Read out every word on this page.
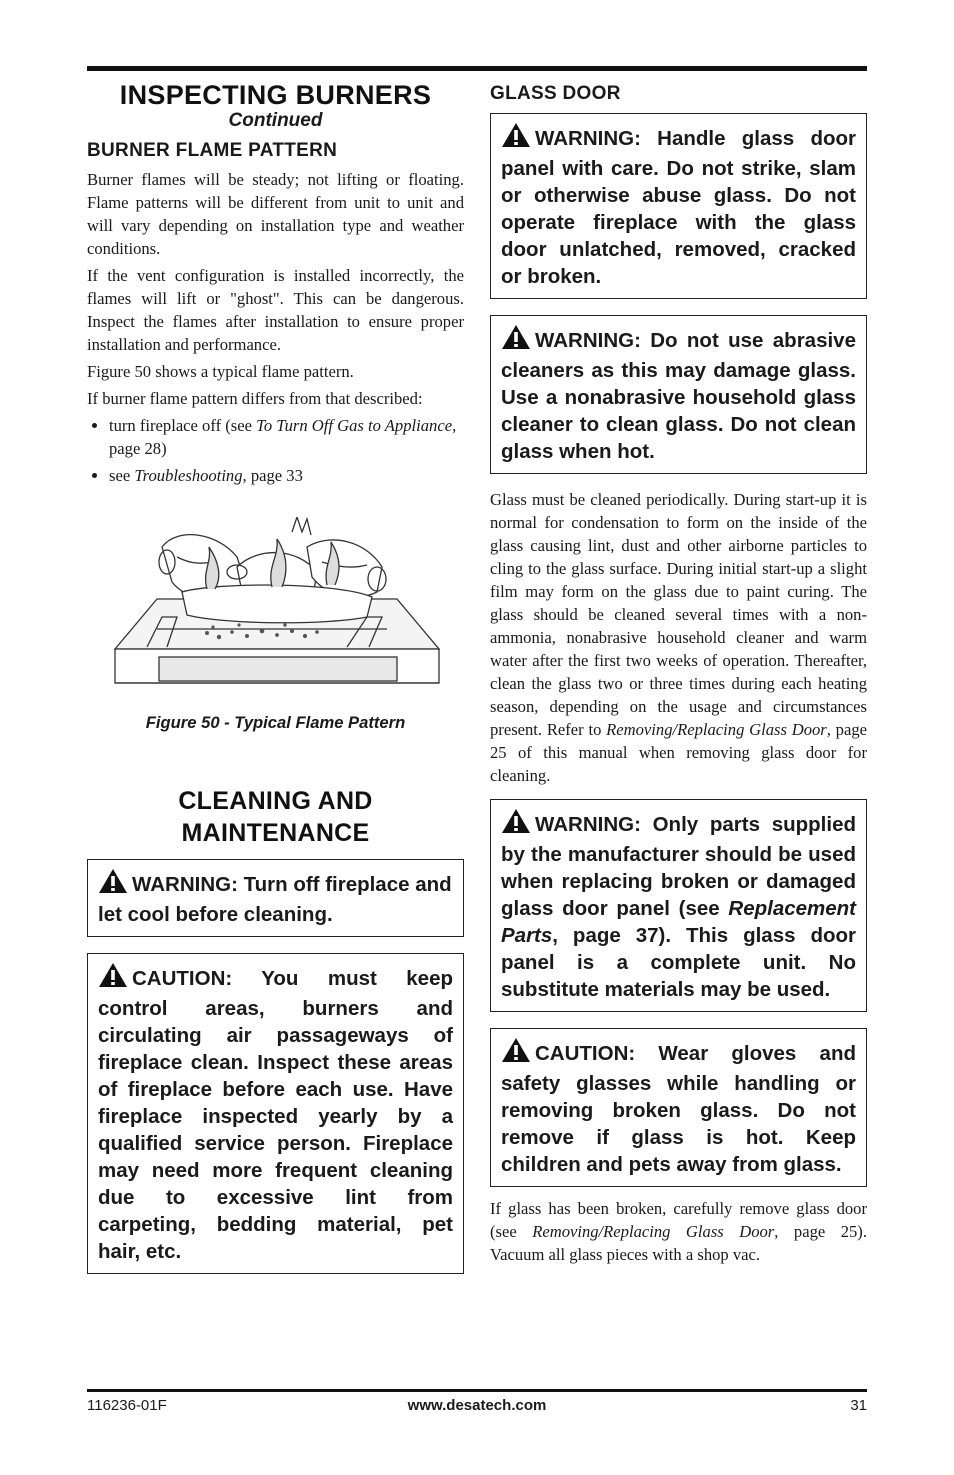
INSPECTING BURNERS
Continued
BURNER FLAME PATTERN

Burner flames will be steady; not lifting or floating. Flame patterns will be different from unit to unit and will vary depending on installation type and weather conditions.

If the vent configuration is installed incorrectly, the flames will lift or "ghost". This can be dangerous. Inspect the flames after installation to ensure proper installation and performance.

Figure 50 shows a typical flame pattern.

If burner flame pattern differs from that described:

• turn fireplace off (see To Turn Off Gas to Appliance, page 28)
• see Troubleshooting, page 33
Figure 50 - Typical Flame Pattern
CLEANING AND
MAINTENANCE
WARNING: Turn off fireplace and let cool before cleaning.
CAUTION: You must keep control areas, burners and circulating air passageways of fireplace clean. Inspect these areas of fireplace before each use. Have fireplace inspected yearly by a qualified service person. Fireplace may need more frequent cleaning due to excessive lint from carpeting, bedding material, pet hair, etc.
GLASS DOOR
WARNING: Handle glass door panel with care. Do not strike, slam or otherwise abuse glass. Do not operate fireplace with the glass door unlatched, removed, cracked or broken.
WARNING: Do not use abrasive cleaners as this may damage glass. Use a nonabrasive household glass cleaner to clean glass. Do not clean glass when hot.

Glass must be cleaned periodically. During start-up it is normal for condensation to form on the inside of the glass causing lint, dust and other airborne particles to cling to the glass surface. During initial start-up a slight film may form on the glass due to paint curing. The glass should be cleaned several times with a non-ammonia, nonabrasive household cleaner and warm water after the first two weeks of operation. Thereafter, clean the glass two or three times during each heating season, depending on the usage and circumstances present. Refer to Removing/Replacing Glass Door, page 25 of this manual when removing glass door for cleaning.

WARNING: Only parts supplied by the manufacturer should be used when replacing broken or damaged glass door panel (see Replacement Parts, page 37). This glass door panel is a complete unit. No substitute materials may be used.
CAUTION: Wear gloves and safety glasses while handling or removing broken glass. Do not remove if glass is hot. Keep children and pets away from glass.

If glass has been broken, carefully remove glass door (see Removing/Replacing Glass Door, page 25). Vacuum all glass pieces with a shop vac.

116236-01F	www.desatech.com	31
